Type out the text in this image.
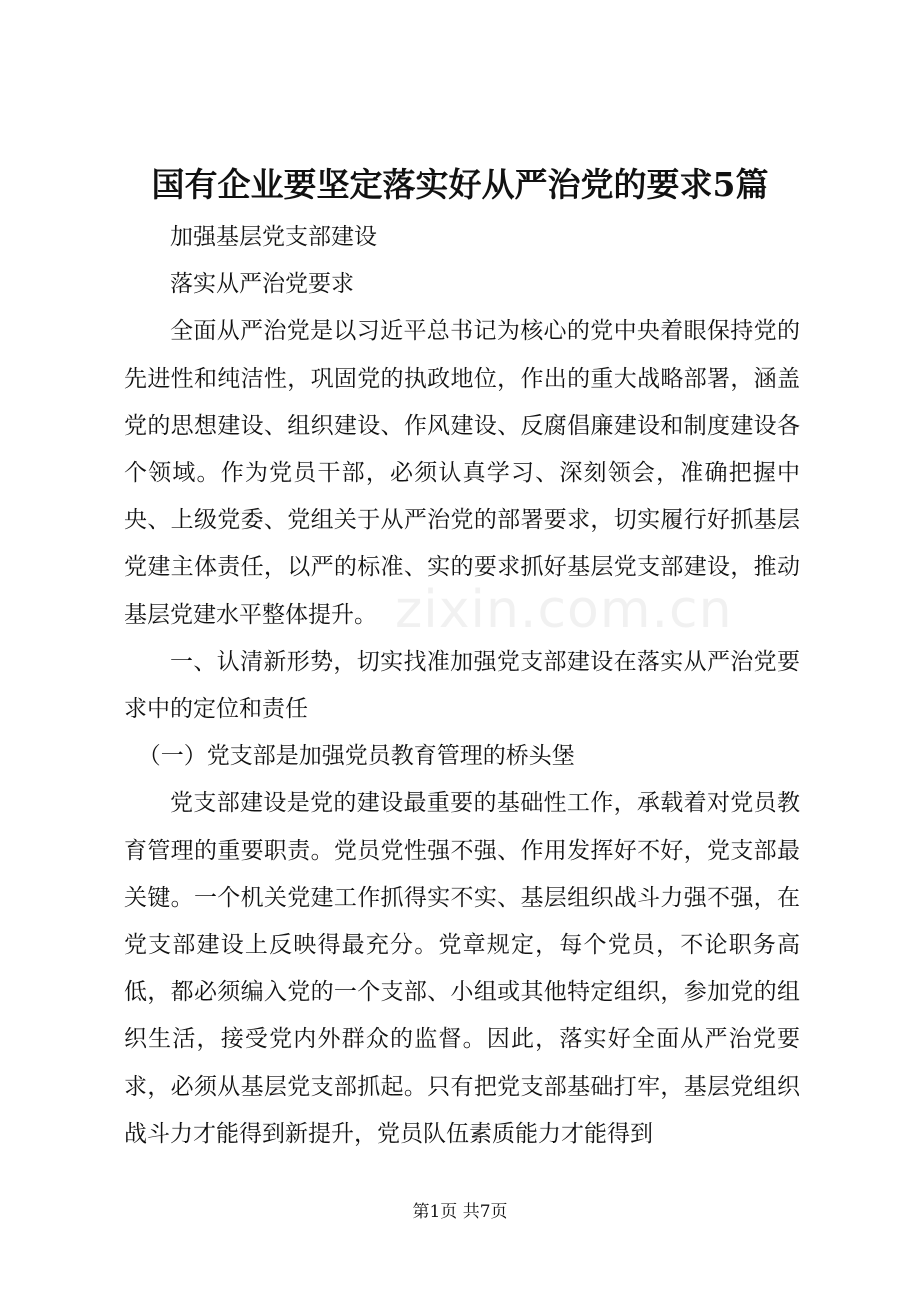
国有企业要坚定落实好从严治党的要求5篇
zixin.com.cn

加强基层党支部建设

落实从严治党要求

全面从严治党是以习近平总书记为核心的党中央着眼保持党的先进性和纯洁性，巩固党的执政地位，作出的重大战略部署，涵盖党的思想建设、组织建设、作风建设、反腐倡廉建设和制度建设各个领域。作为党员干部，必须认真学习、深刻领会，准确把握中央、上级党委、党组关于从严治党的部署要求，切实履行好抓基层党建主体责任，以严的标准、实的要求抓好基层党支部建设，推动基层党建水平整体提升。

一、认清新形势，切实找准加强党支部建设在落实从严治党要求中的定位和责任

（一）党支部是加强党员教育管理的桥头堡

党支部建设是党的建设最重要的基础性工作，承载着对党员教育管理的重要职责。党员党性强不强、作用发挥好不好，党支部最关键。一个机关党建工作抓得实不实、基层组织战斗力强不强，在党支部建设上反映得最充分。党章规定，每个党员，不论职务高低，都必须编入党的一个支部、小组或其他特定组织，参加党的组织生活，接受党内外群众的监督。因此，落实好全面从严治党要求，必须从基层党支部抓起。只有把党支部基础打牢，基层党组织战斗力才能得到新提升，党员队伍素质能力才能得到

第1页 共7页
